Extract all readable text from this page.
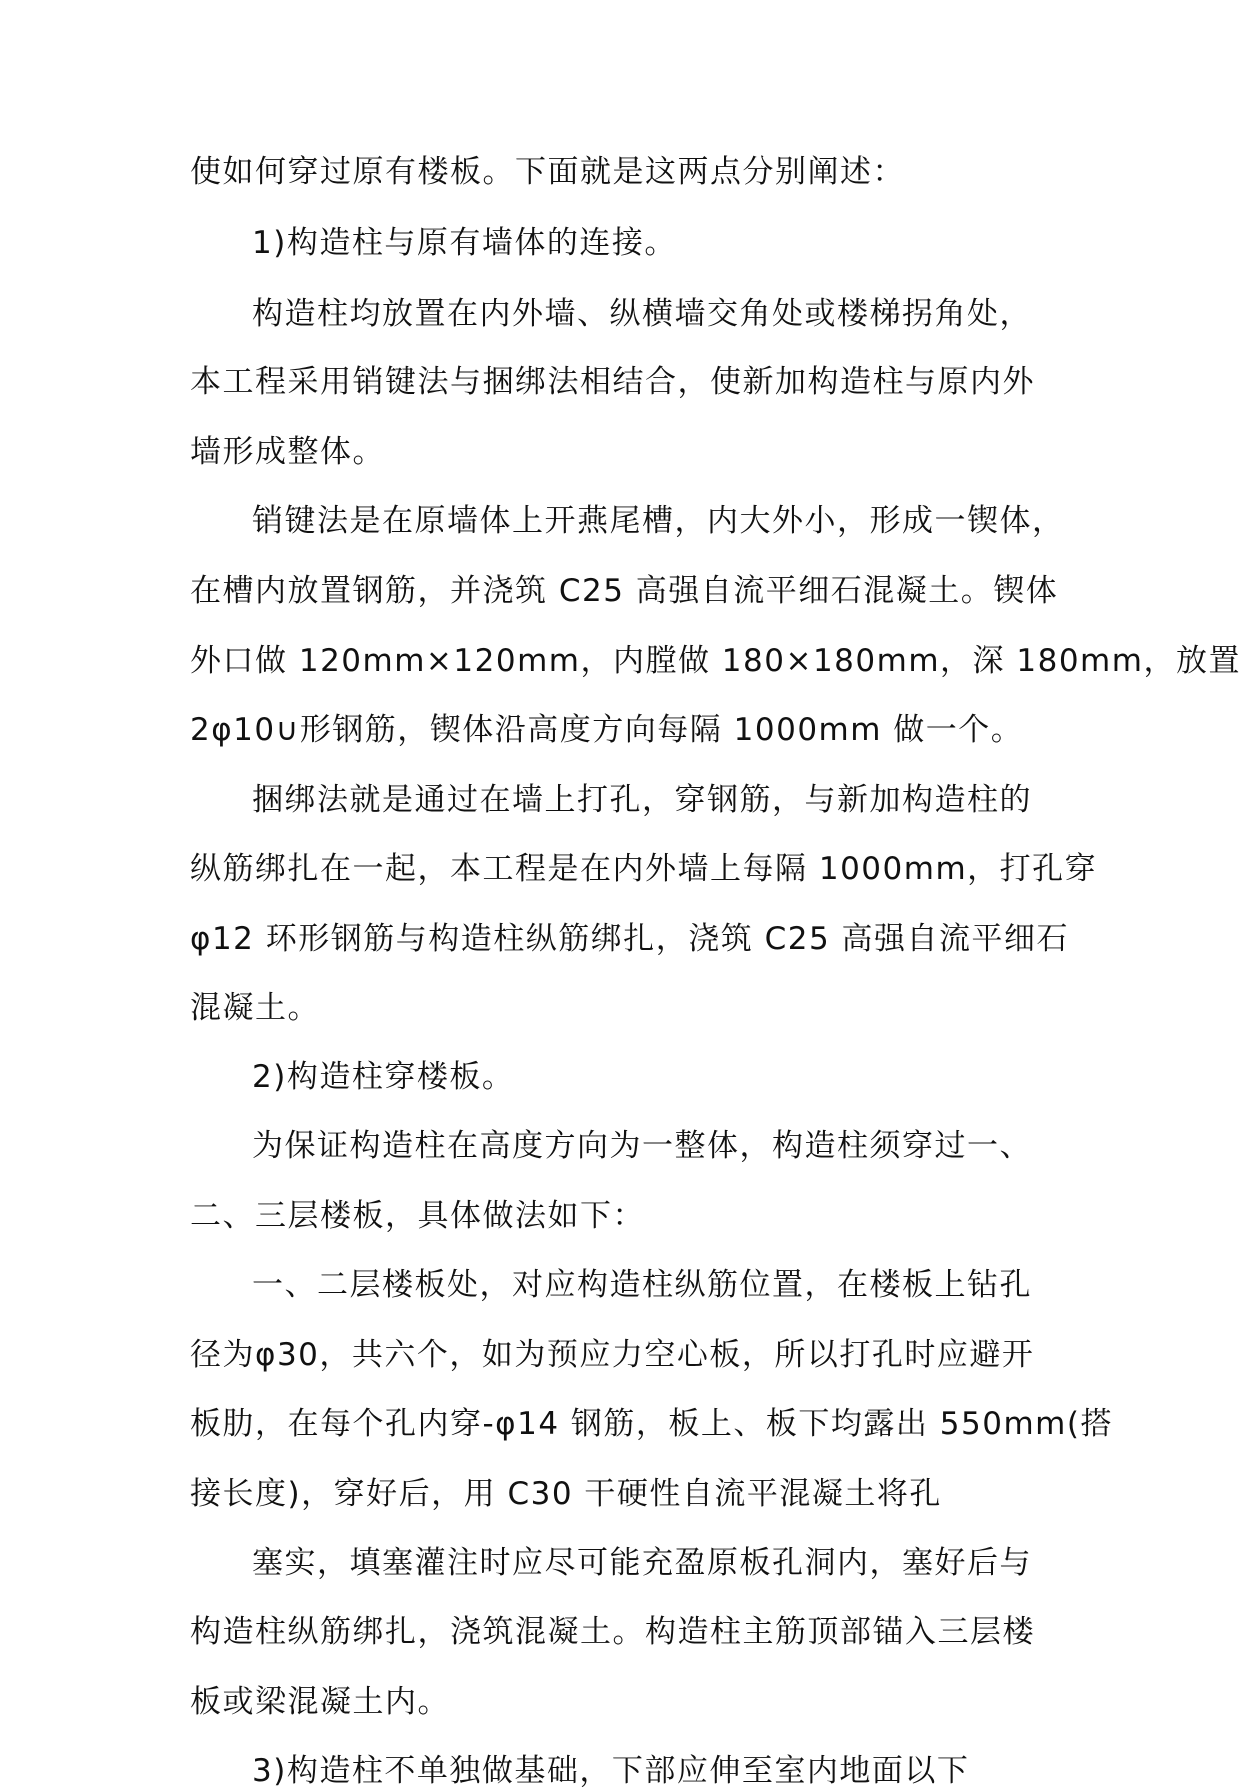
使如何穿过原有楼板。下面就是这两点分别阐述：
1)构造柱与原有墙体的连接。
构造柱均放置在内外墙、纵横墙交角处或楼梯拐角处，
本工程采用销键法与捆绑法相结合，使新加构造柱与原内外
墙形成整体。
销键法是在原墙体上开燕尾槽，内大外小，形成一锲体，
在槽内放置钢筋，并浇筑 C25 高强自流平细石混凝土。锲体
外口做 120mm×120mm，内膛做 180×180mm，深 180mm，放置
2φ10∪形钢筋，锲体沿高度方向每隔 1000mm 做一个。
捆绑法就是通过在墙上打孔，穿钢筋，与新加构造柱的
纵筋绑扎在一起，本工程是在内外墙上每隔 1000mm，打孔穿
φ12 环形钢筋与构造柱纵筋绑扎，浇筑 C25 高强自流平细石
混凝土。
2)构造柱穿楼板。
为保证构造柱在高度方向为一整体，构造柱须穿过一、
二、三层楼板，具体做法如下：
一、二层楼板处，对应构造柱纵筋位置，在楼板上钻孔
径为φ30，共六个，如为预应力空心板，所以打孔时应避开
板肋，在每个孔内穿-φ14 钢筋，板上、板下均露出 550mm(搭
接长度)，穿好后，用 C30 干硬性自流平混凝土将孔
塞实，填塞灌注时应尽可能充盈原板孔洞内，塞好后与
构造柱纵筋绑扎，浇筑混凝土。构造柱主筋顶部锚入三层楼
板或梁混凝土内。
3)构造柱不单独做基础，下部应伸至室内地面以下
